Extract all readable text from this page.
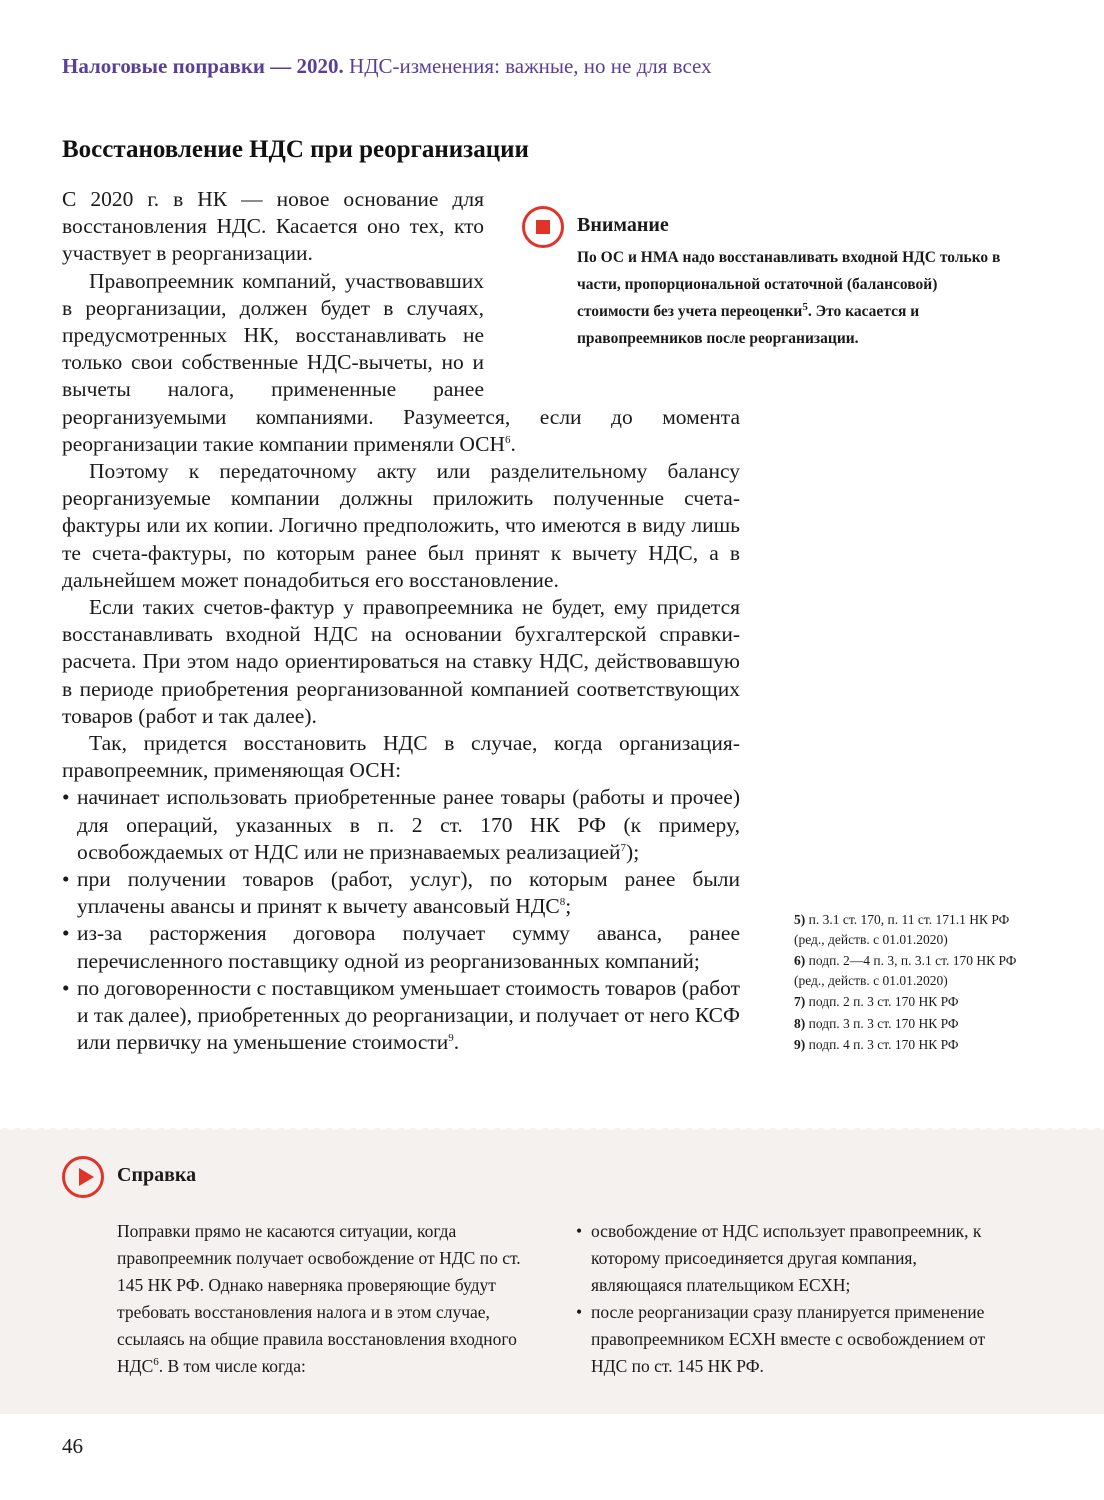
Налоговые поправки — 2020. НДС-изменения: важные, но не для всех
Восстановление НДС при реорганизации

С 2020 г. в НК — новое основание для восстановления НДС. Касается оно тех, кто участвует в реорганизации.

Правопреемник компаний, участвовавших в реорганизации, должен будет в случаях, предусмотренных НК, восстанавливать не только свои собственные НДС-вычеты, но и вычеты налога, примененные ранее реорганизуемыми компаниями. Разумеется, если до момента реорганизации такие компании применяли ОСН$^6$.

Поэтому к передаточному акту или разделительному балансу реорганизуемые компании должны приложить полученные счета-фактуры или их копии. Логично предположить, что имеются в виду лишь те счета-фактуры, по которым ранее был принят к вычету НДС, а в дальнейшем может понадобиться его восстановление.

Если таких счетов-фактур у правопреемника не будет, ему придется восстанавливать входной НДС на основании бухгалтерской справки-расчета. При этом надо ориентироваться на ставку НДС, действовавшую в периоде приобретения реорганизованной компанией соответствующих товаров (работ и так далее).

Так, придется восстановить НДС в случае, когда организация-правопреемник, применяющая ОСН:

• начинает использовать приобретенные ранее товары (работы и прочее) для операций, указанных в п. 2 ст. 170 НК РФ (к примеру, освобождаемых от НДС или не признаваемых реализацией$^7$);
• при получении товаров (работ, услуг), по которым ранее были уплачены авансы и принят к вычету авансовый НДС$^8$;
• из-за расторжения договора получает сумму аванса, ранее перечисленного поставщику одной из реорганизованных компаний;
• по договоренности с поставщиком уменьшает стоимость товаров (работ и так далее), приобретенных до реорганизации, и получает от него КСФ или первичку на уменьшение стоимости$^9$.
Внимание
По ОС и НМА надо восстанавливать входной НДС только в части, пропорциональной остаточной (балансовой) стоимости без учета переоценки$^5$. Это касается и правопреемников после реорганизации.
5) п. 3.1 ст. 170, п. 11 ст. 171.1 НК РФ (ред., действ. с 01.01.2020)
6) подп. 2—4 п. 3, п. 3.1 ст. 170 НК РФ (ред., действ. с 01.01.2020)
7) подп. 2 п. 3 ст. 170 НК РФ
8) подп. 3 п. 3 ст. 170 НК РФ
9) подп. 4 п. 3 ст. 170 НК РФ
Справка
Поправки прямо не касаются ситуации, когда правопреемник получает освобождение от НДС по ст. 145 НК РФ. Однако наверняка проверяющие будут требовать восстановления налога и в этом случае, ссылаясь на общие правила восстановления входного НДС$^6$. В том числе когда:
• освобождение от НДС использует правопреемник, к которому присоединяется другая компания, являющаяся плательщиком ЕСХН;
• после реорганизации сразу планируется применение правопреемником ЕСХН вместе с освобождением от НДС по ст. 145 НК РФ.
46
